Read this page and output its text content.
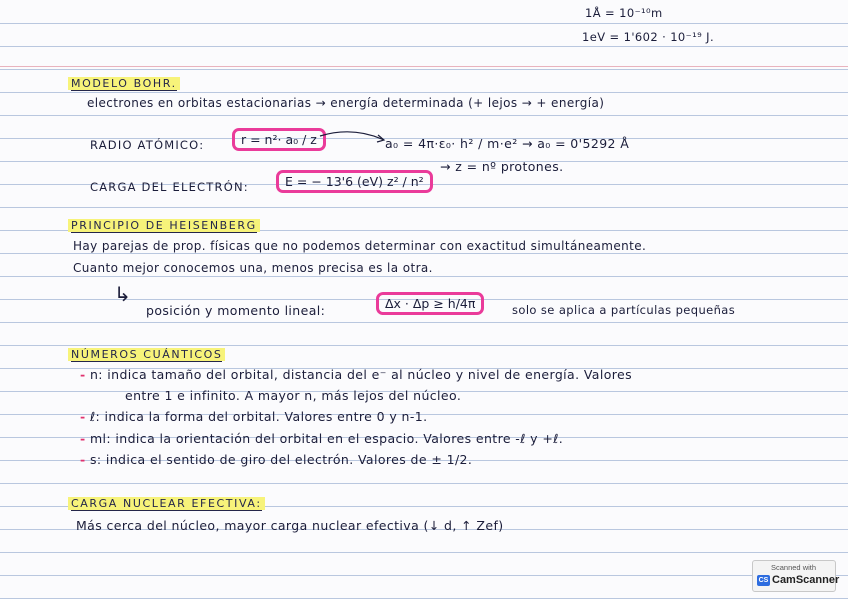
1Å = 10⁻¹⁰m
1eV = 1'602 · 10⁻¹⁹ J.
MODELO BOHR.
electrones en orbitas estacionarias → energía determinada (+ lejos → + energía)
RADIO ATÓMICO:	r = n²· a₀ / z	a₀ = 4π·ε₀· h² / m·e² → a₀ = 0'5292 Å
→ z = nº protones.
CARGA DEL ELECTRÓN:	E = − 13'6 (eV) z² / n²
PRINCIPIO DE HEISENBERG
Hay parejas de prop. físicas que no podemos determinar con exactitud simultáneamente.
Cuanto mejor conocemos una, menos precisa es la otra.
↳
posición y momento lineal:	Δx · Δp ≥ h/4π	solo se aplica a partículas pequeñas
NÚMEROS CUÁNTICOS
- n: indica tamaño del orbital, distancia del e⁻ al núcleo y nivel de energía. Valores
entre 1 e infinito. A mayor n, más lejos del núcleo.
- ℓ: indica la forma del orbital. Valores entre 0 y n-1.
- ml: indica la orientación del orbital en el espacio. Valores entre -ℓ y +ℓ.
- s: indica el sentido de giro del electrón. Valores de ± 1/2.
CARGA NUCLEAR EFECTIVA:
Más cerca del núcleo, mayor carga nuclear efectiva (↓ d, ↑ Zef)
Scanned with
CS CamScanner
